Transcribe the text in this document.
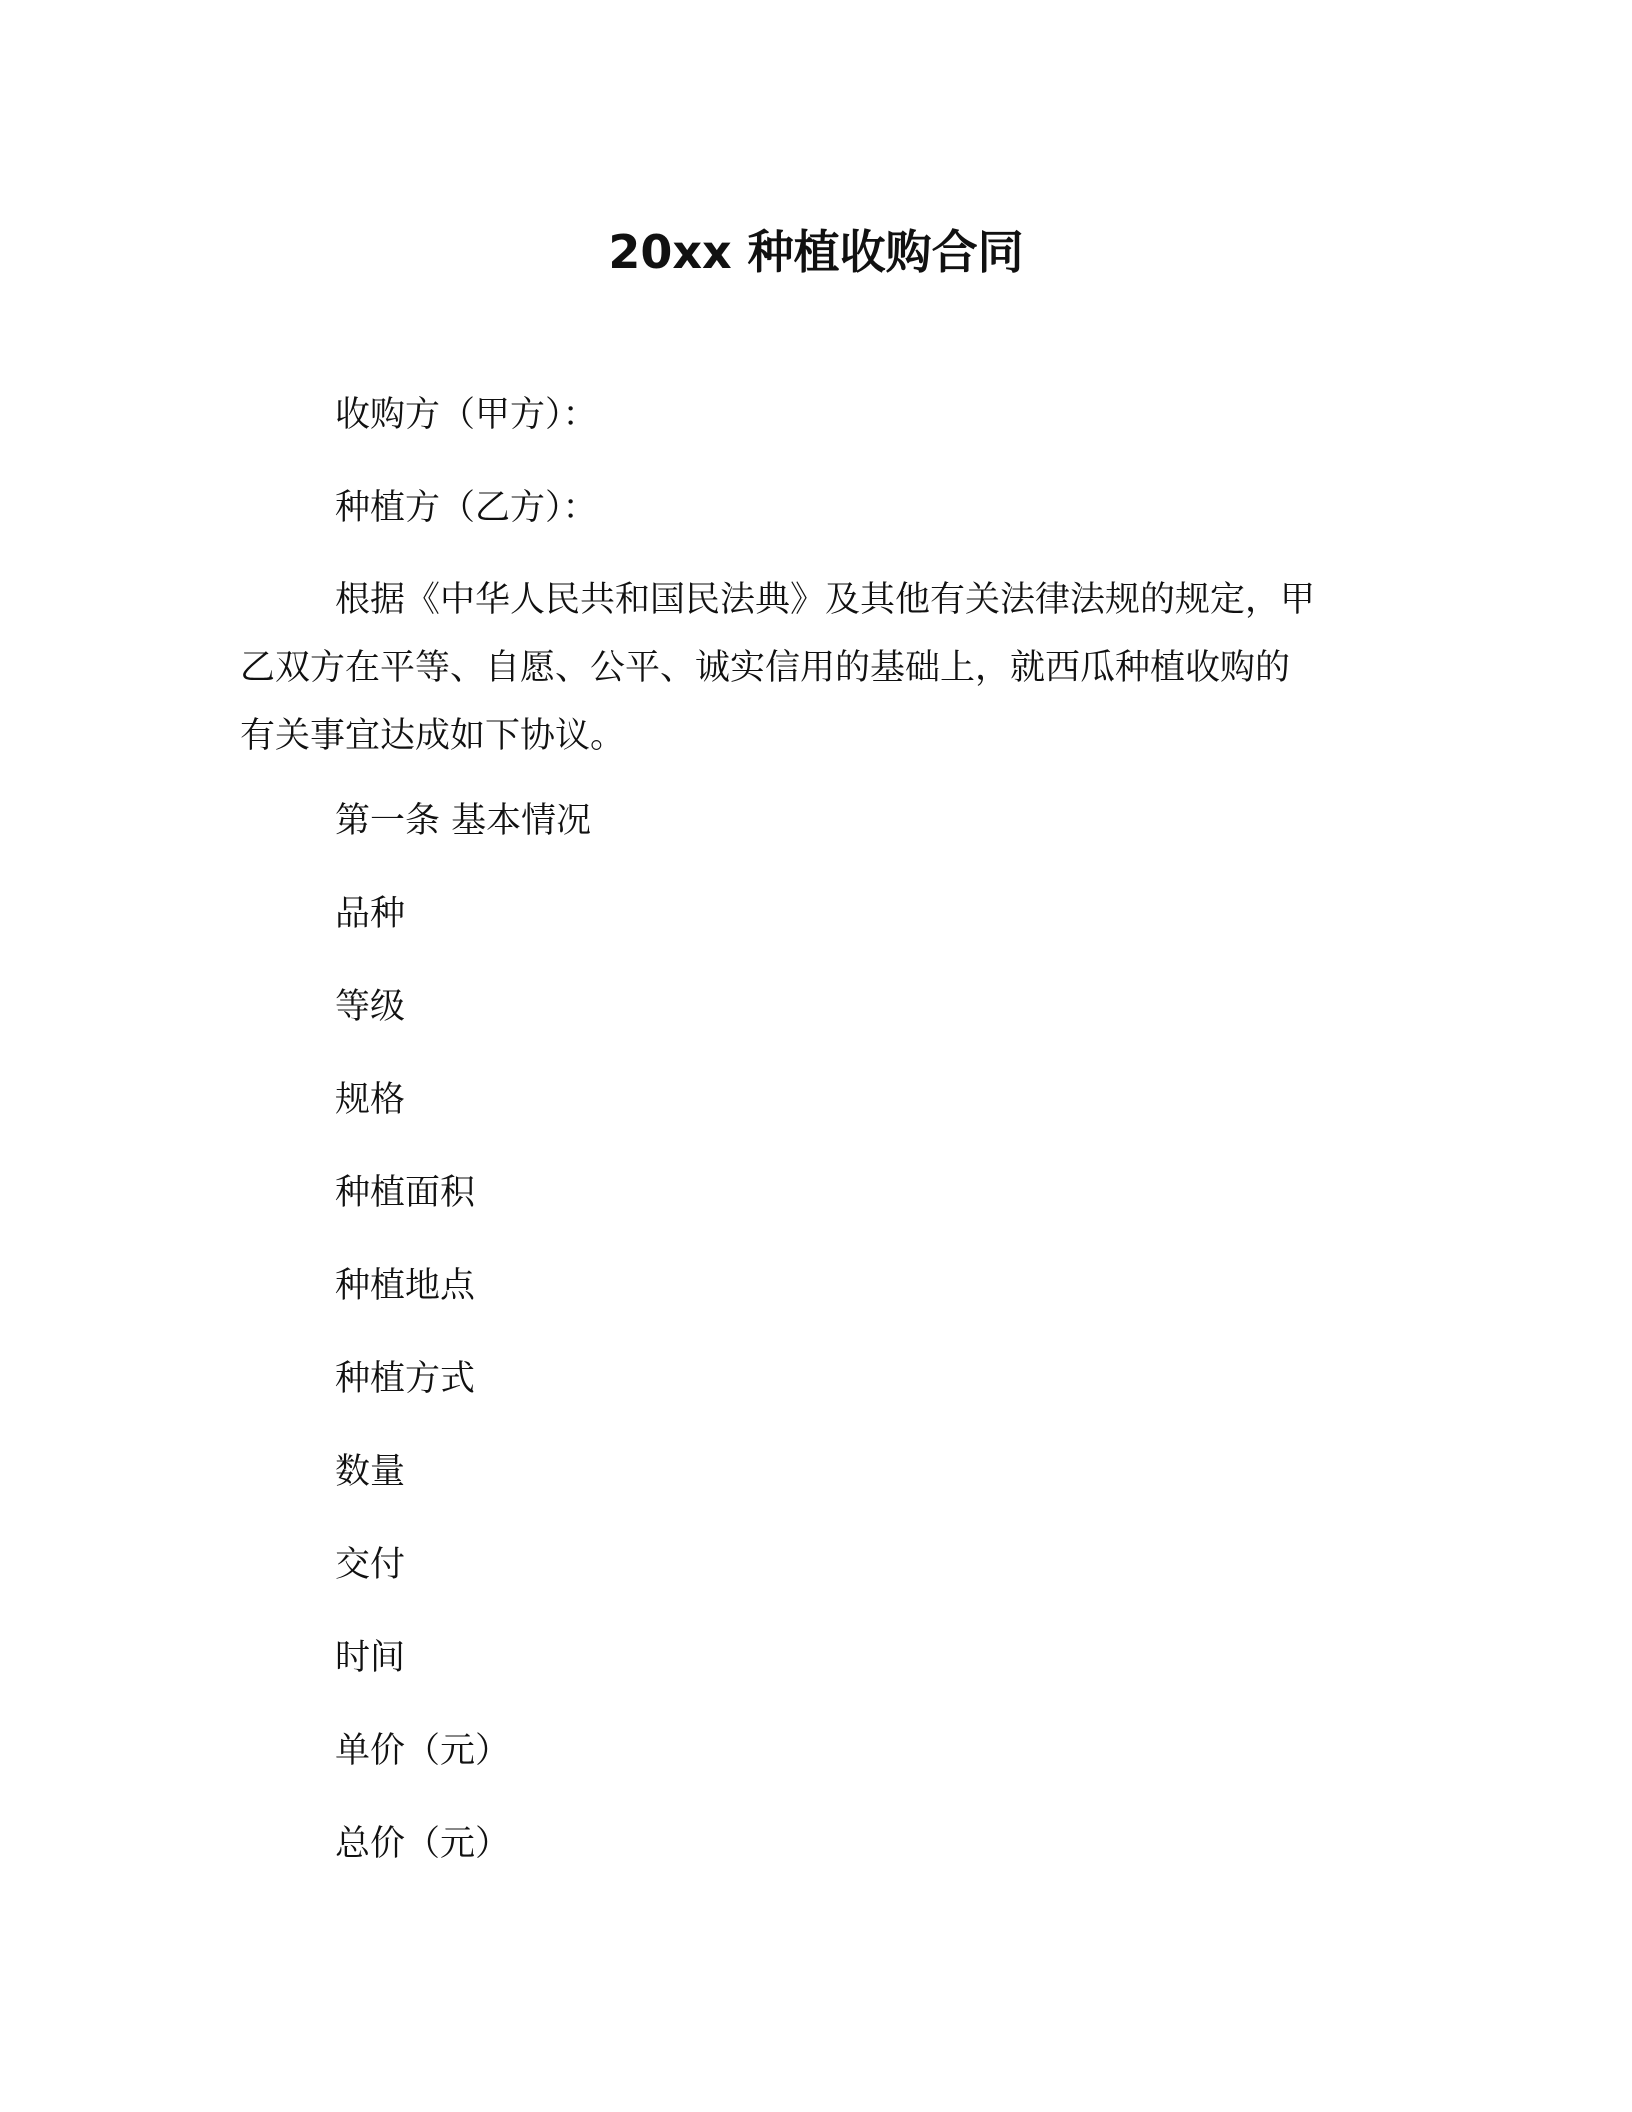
20xx 种植收购合同
收购方（甲方）：
种植方（乙方）：
根据《中华人民共和国民法典》及其他有关法律法规的规定，甲
乙双方在平等、自愿、公平、诚实信用的基础上，就西瓜种植收购的
有关事宜达成如下协议。
第一条 基本情况
品种
等级
规格
种植面积
种植地点
种植方式
数量
交付
时间
单价（元）
总价（元）
